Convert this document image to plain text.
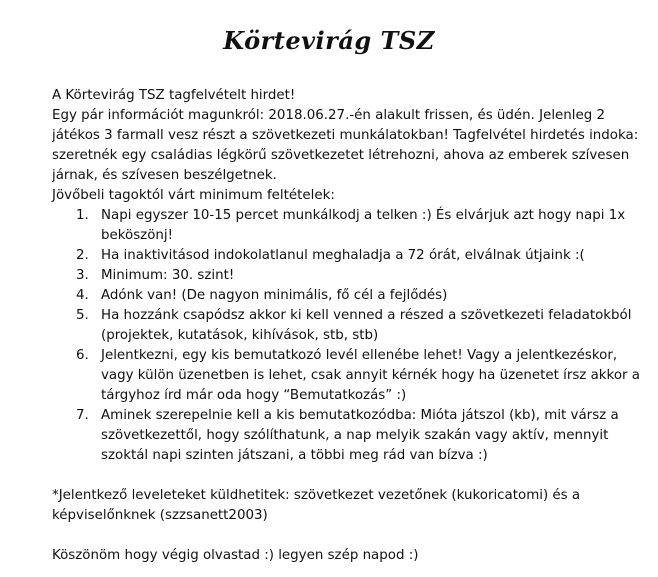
Körtevirág TSZ

A Körtevirág TSZ tagfelvételt hirdet!

Egy pár információt magunkról: 2018.06.27.-én alakult frissen, és üdén. Jelenleg 2 játékos 3 farmall vesz részt a szövetkezeti munkálatokban! Tagfelvétel hirdetés indoka: szeretnék egy családias légkörű szövetkezetet létrehozni, ahova az emberek szívesen járnak, és szívesen beszélgetnek.

Jövőbeli tagoktól várt minimum feltételek:

1. Napi egyszer 10-15 percet munkálkodj a telken :) És elvárjuk azt hogy napi 1x beköszönj!
2. Ha inaktivitásod indokolatlanul meghaladja a 72 órát, elválnak útjaink :(
3. Minimum: 30. szint!
4. Adónk van! (De nagyon minimális, fő cél a fejlődés)
5. Ha hozzánk csapódsz akkor ki kell venned a részed a szövetkezeti feladatokból (projektek, kutatások, kihívások, stb, stb)
6. Jelentkezni, egy kis bemutatkozó levél ellenébe lehet! Vagy a jelentkezéskor, vagy külön üzenetben is lehet, csak annyit kérnék hogy ha üzenetet írsz akkor a tárgyhoz írd már oda hogy “Bemutatkozás” :)
7. Aminek szerepelnie kell a kis bemutatkozódba: Mióta játszol (kb), mit vársz a szövetkezettől, hogy szólíthatunk, a nap melyik szakán vagy aktív, mennyit szoktál napi szinten játszani, a többi meg rád van bízva :)

*Jelentkező leveleteket küldhetitek: szövetkezet vezetőnek (kukoricatomi) és a képviselőnknek (szzsanett2003)

Köszönöm hogy végig olvastad :) legyen szép napod :)
